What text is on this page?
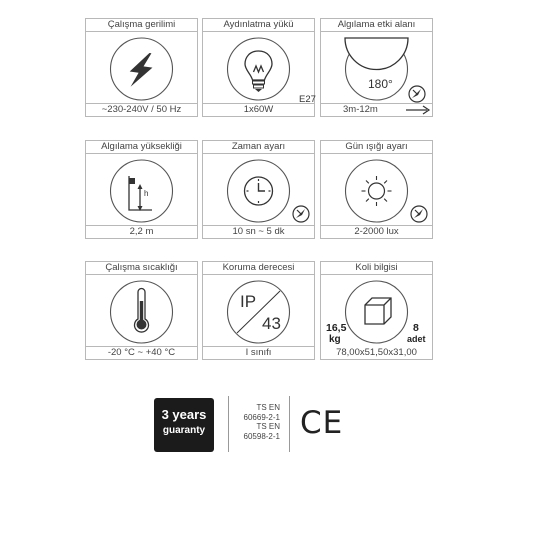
Çalışma gerilimi
~230-240V / 50 Hz
Aydınlatma yükü
E27
1x60W
Algılama etki alanı
180°
3m-12m
Algılama yüksekliği
h
2,2 m
Zaman ayarı
10 sn ~ 5 dk
Gün ışığı ayarı
2-2000 lux
Çalışma sıcaklığı
-20 °C ~ +40 °C
Koruma derecesi
IP
43
I sınıfı
Koli bilgisi
16,5
kg
8
adet
78,00x51,50x31,00
3 years
guaranty
TS EN
60669-2-1
TS EN
60598-2-1 CE
